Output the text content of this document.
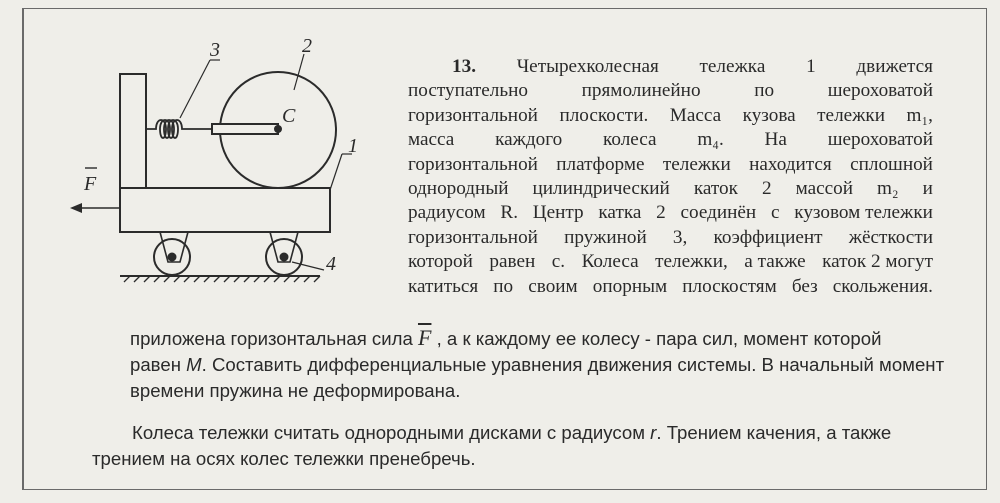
3	2
C
1
4
F
13. Четырехколесная тележка 1 движется
поступательно	прямолинейно	по	шероховатой
горизонтальной плоскости. Масса кузова тележки m₁,
масса каждого колеса m₄. На шероховатой
горизонтальной платформе тележки находится сплошной
однородный цилиндрический каток 2 массой m₂ и
радиусом R. Центр катка 2 соединён с кузовом тележки
горизонтальной пружиной 3, коэффициент жёсткости
которой равен c. Колеса тележки, а также каток 2 могут
катиться по своим опорным плоскостям без скольжения.
приложена горизонтальная сила $\overline{F}$ , а к каждому ее колесу - пара сил, момент которой
равен M. Составить дифференциальные уравнения движения системы. В начальный момент
времени пружина не деформирована.
Колеса тележки считать однородными дисками с радиусом r. Трением качения, а также
трением на осях колес тележки пренебречь.
